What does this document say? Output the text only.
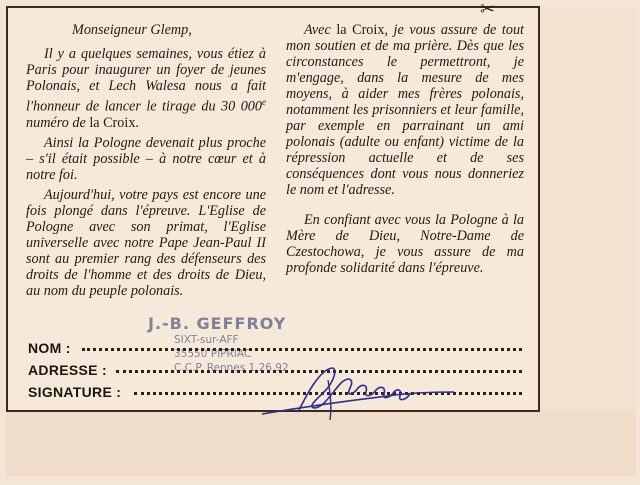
✂

Monseigneur Glemp,

Il y a quelques semaines, vous étiez à Paris pour inaugurer un foyer de jeunes Polonais, et Lech Walesa nous a fait l'honneur de lancer le tirage du 30 000e numéro de la Croix.

Ainsi la Pologne devenait plus proche – s'il était possible – à notre cœur et à notre foi.

Aujourd'hui, votre pays est encore une fois plongé dans l'épreuve. L'Eglise de Pologne avec son primat, l'Eglise universelle avec notre Pape Jean-Paul II sont au premier rang des défenseurs des droits de l'homme et des droits de Dieu, au nom du peuple polonais.

Avec la Croix, je vous assure de tout mon soutien et de ma prière. Dès que les circonstances le permettront, je m'engage, dans la mesure de mes moyens, à aider mes frères polonais, notamment les prisonniers et leur famille, par exemple en parrainant un ami polonais (adulte ou enfant) victime de la répression actuelle et de ses conséquences dont vous nous donneriez le nom et l'adresse.

En confiant avec vous la Pologne à la Mère de Dieu, Notre-Dame de Czestochowa, je vous assure de ma profonde solidarité dans l'épreuve.

J.-B. GEFFROY
SIXT-sur-AFF
35550 PIPRIAC
C.C.P. Rennes 1.26.92
NOM :
ADRESSE :
SIGNATURE :
